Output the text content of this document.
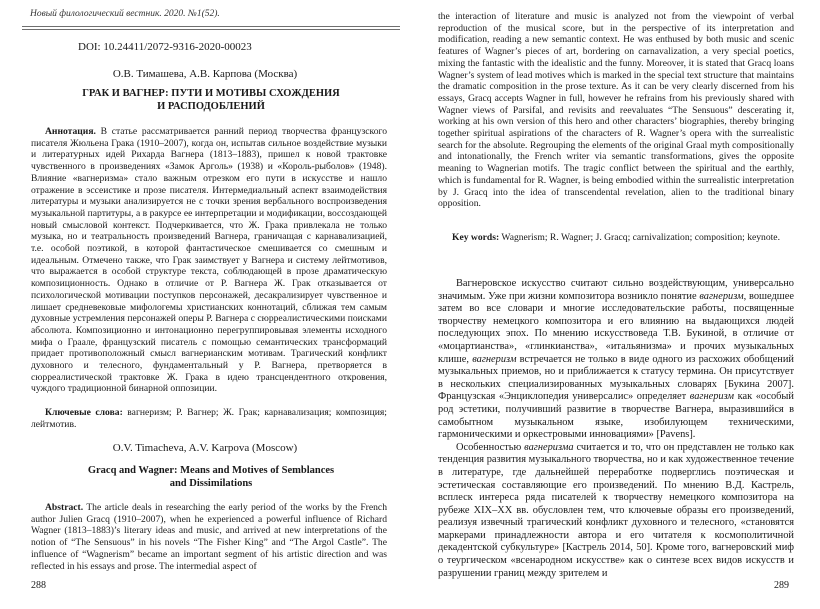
Новый филологический вестник. 2020. №1(52).
DOI: 10.24411/2072-9316-2020-00023
О.В. Тимашева, А.В. Карпова (Москва)
ГРАК И ВАГНЕР: ПУТИ И МОТИВЫ СХОЖДЕНИЯ
И РАСПОДОБЛЕНИЙ

Аннотация. В статье рассматривается ранний период творчества французского писателя Жюльена Грака (1910–2007), когда он, испытав сильное воздействие музыки и литературных идей Рихарда Вагнера (1813–1883), пришел к новой трактовке чувственного в произведениях «Замок Арголь» (1938) и «Король-рыболов» (1948). Влияние «вагнеризма» стало важным отрезком его пути в искусстве и нашло отражение в эссеистике и прозе писателя. Интермедиальный аспект взаимодействия литературы и музыки анализируется не с точки зрения вербального воспроизведения музыкальной партитуры, а в ракурсе ее интерпретации и модификации, воссоздающей новый смысловой контекст. Подчеркивается, что Ж. Грака привлекала не только музыка, но и театральность произведений Вагнера, граничащая с карнавализацией, т.е. особой поэтикой, в которой фантастическое смешивается со смешным и идеальным. Отмечено также, что Грак заимствует у Вагнера и систему лейтмотивов, что выражается в особой структуре текста, соблюдающей в прозе драматическую композиционность. Однако в отличие от Р. Вагнера Ж. Грак отказывается от психологической мотивации поступков персонажей, десакрализирует чувственное и лишает средневековые мифологемы христианских коннотаций, сближая тем самым духовные устремления персонажей оперы Р. Вагнера с сюрреалистическими поисками абсолюта. Композиционно и интонационно перегруппировывая элементы исходного мифа о Граале, французский писатель с помощью семантических трансформаций придает противоположный смысл вагнерианским мотивам. Трагический конфликт духовного и телесного, фундаментальный у Р. Вагнера, претворяется в сюрреалистической трактовке Ж. Грака в идею трансцендентного откровения, чуждого традиционной бинарной оппозиции.

Ключевые слова: вагнеризм; Р. Вагнер; Ж. Грак; карнавализация; композиция; лейтмотив.

O.V. Timacheva, A.V. Karpova (Moscow)
Gracq and Wagner: Means and Motives of Semblances
and Dissimilations

Abstract. The article deals in researching the early period of the works by the French author Julien Gracq (1910–2007), when he experienced a powerful influence of Richard Wagner (1813–1883)’s literary ideas and music, and arrived at new interpretations of the notion of “The Sensuous” in his novels “The Fisher King” and “The Argol Castle”. The influence of “Wagnerism” became an important segment of his artistic direction and was reflected in his essays and prose. The intermedial aspect of

288

the interaction of literature and music is analyzed not from the viewpoint of verbal reproduction of the musical score, but in the perspective of its interpretation and modification, reading a new semantic context. He was enthused by both music and scenic features of Wagner’s pieces of art, bordering on carnavalization, a very special poetics, mixing the fantastic with the idealistic and the funny. Moreover, it is stated that Gracq loans Wagner’s system of lead motives which is marked in the special text structure that maintains the dramatic composition in the prose texture. As it can be very clearly discerned from his essays, Gracq accepts Wagner in full, however he refrains from his previously shared with Wagner views of Parsifal, and revisits and reevaluates “The Sensuous” descerating it, working at his own version of this hero and other characters’ biographies, thereby bringing together spiritual aspirations of the characters of R. Wagner’s opera with the surrealistic search for the absolute. Regrouping the elements of the original Graal myth compositionally and intonationally, the French writer via semantic transformations, gives the opposite meaning to Wagnerian motifs. The tragic conflict between the spiritual and the earthly, which is fundamental for R. Wagner, is being embodied within the surrealistic interpretation by J. Gracq into the idea of transcendental revelation, alien to the traditional binary opposition.

Key words: Wagnerism; R. Wagner; J. Gracq; carnivalization; composition; keynote.

Вагнеровское искусство считают сильно воздействующим, универсально значимым. Уже при жизни композитора возникло понятие вагнеризм, вошедшее затем во все словари и многие исследовательские работы, посвященные творчеству немецкого композитора и его влиянию на выдающихся людей последующих эпох. По мнению искусствоведа Т.В. Букиной, в отличие от «моцартианства», «глинкианства», «итальянизма» и прочих музыкальных клише, вагнеризм встречается не только в виде одного из расхожих обобщений музыкальных приемов, но и приближается к статусу термина. Он присутствует в нескольких специализированных музыкальных словарях [Букина 2007]. Французская «Энциклопедия универсалис» определяет вагнеризм как «особый род эстетики, получивший развитие в творчестве Вагнера, выразившийся в самобытном музыкальном языке, изобилующем техническими, гармоническими и оркестровыми инновациями» [Pavens].

Особенностью вагнеризма считается и то, что он представлен не только как тенденция развития музыкального творчества, но и как художественное течение в литературе, где дальнейшей переработке подверглись поэтическая и эстетическая составляющие его произведений. По мнению В.Д. Кастрель, всплеск интереса ряда писателей к творчеству немецкого композитора на рубеже XIX–XX вв. обусловлен тем, что ключевые образы его произведений, реализуя извечный трагический конфликт духовного и телесного, «становятся маркерами принадлежности автора и его читателя к космополитичной декадентской субкультуре» [Кастрель 2014, 50]. Кроме того, вагнеровский миф о теургическом «всенародном искусстве» как о синтезе всех видов искусств и разрушении границ между зрителем и

289
